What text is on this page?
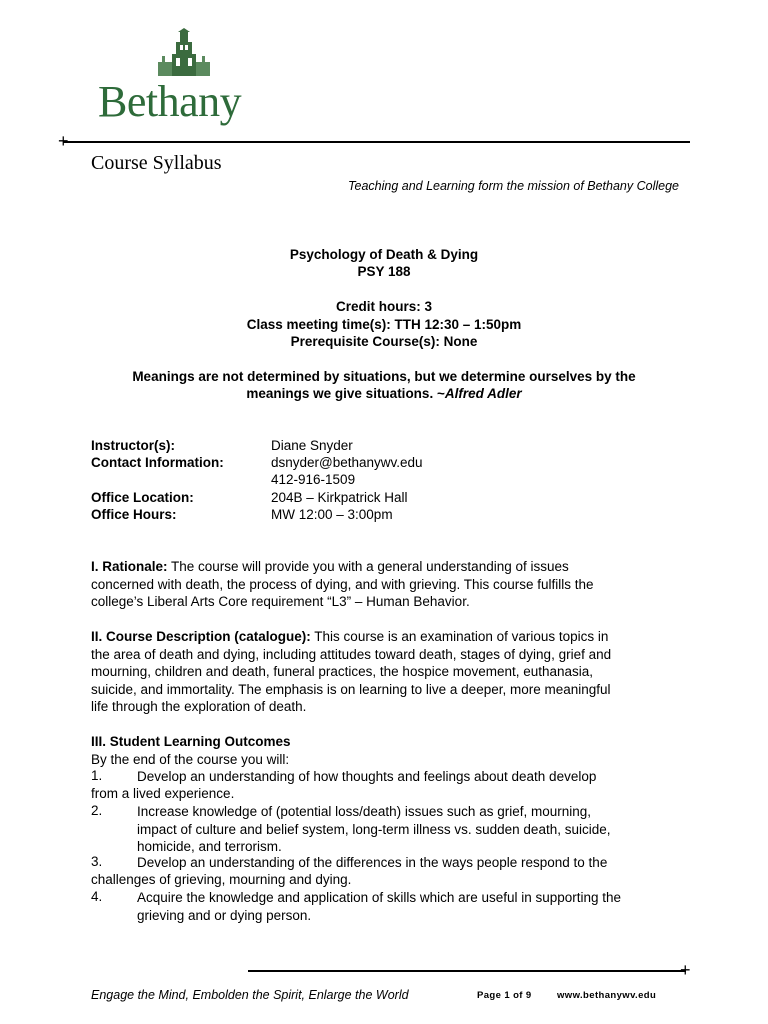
Bethany
+
Course Syllabus
Teaching and Learning form the mission of Bethany College
Psychology of Death & Dying
PSY 188
Credit hours: 3
Class meeting time(s): TTH 12:30 – 1:50pm
Prerequisite Course(s): None
Meanings are not determined by situations, but we determine ourselves by the
meanings we give situations. ~Alfred Adler
Instructor(s):	Diane Snyder
Contact Information:	dsnyder@bethanywv.edu
412-916-1509
Office Location:	204B – Kirkpatrick Hall
Office Hours:	MW 12:00 – 3:00pm
I. Rationale: The course will provide you with a general understanding of issues
concerned with death, the process of dying, and with grieving. This course fulfills the
college’s Liberal Arts Core requirement “L3” – Human Behavior.
II. Course Description (catalogue): This course is an examination of various topics in
the area of death and dying, including attitudes toward death, stages of dying, grief and
mourning, children and death, funeral practices, the hospice movement, euthanasia,
suicide, and immortality. The emphasis is on learning to live a deeper, more meaningful
life through the exploration of death.
III. Student Learning Outcomes
By the end of the course you will:
1.	Develop an understanding of how thoughts and feelings about death develop
from a lived experience.
2.	Increase knowledge of (potential loss/death) issues such as grief, mourning,
impact of culture and belief system, long-term illness vs. sudden death, suicide,
homicide, and terrorism.
3.	Develop an understanding of the differences in the ways people respond to the
challenges of grieving, mourning and dying.
4.	Acquire the knowledge and application of skills which are useful in supporting the
grieving and or dying person.
+
Engage the Mind, Embolden the Spirit, Enlarge the World	Page 1 of 9	www.bethanywv.edu
